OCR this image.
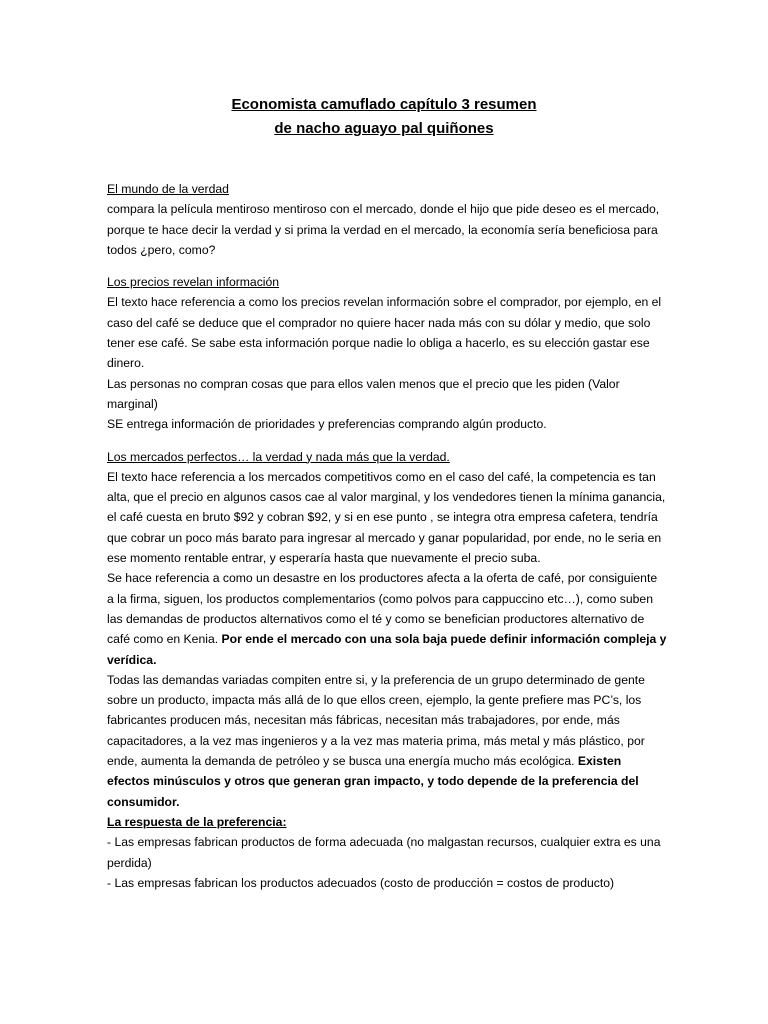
Economista camuflado capítulo 3 resumen
de nacho aguayo pal quiñones
El mundo de la verdad
compara la película mentiroso mentiroso con el mercado, donde el hijo que pide deseo es el mercado, porque te hace decir la verdad y si prima la verdad en el mercado, la economía sería beneficiosa para todos ¿pero, como?
Los precios revelan información
El texto hace referencia a como los precios revelan información sobre el comprador, por ejemplo, en el caso del café se deduce que el comprador no quiere hacer nada más con su dólar y medio, que solo tener ese café. Se sabe esta información porque nadie lo obliga a hacerlo, es su elección gastar ese dinero.
Las personas no compran cosas que para ellos valen menos que el precio que les piden (Valor marginal)
SE entrega información de prioridades y preferencias comprando algún producto.
Los mercados perfectos… la verdad y nada más que la verdad.
El texto hace referencia a los mercados competitivos como en el caso del café, la competencia es tan alta, que el precio en algunos casos cae al valor marginal, y los vendedores tienen la mínima ganancia, el café cuesta en bruto $92 y cobran $92, y si en ese punto , se integra otra empresa cafetera, tendría que cobrar un poco más barato para ingresar al mercado y ganar popularidad, por ende, no le seria en ese momento rentable entrar, y esperaría hasta que nuevamente el precio suba.
Se hace referencia a como un desastre en los productores afecta a la oferta de café, por consiguiente a la firma, siguen, los productos complementarios (como polvos para cappuccino etc…), como suben las demandas de productos alternativos como el té y como se benefician productores alternativo de café como en Kenia. Por ende el mercado con una sola baja puede definir información compleja y verídica.
Todas las demandas variadas compiten entre si, y la preferencia de un grupo determinado de gente sobre un producto, impacta más allá de lo que ellos creen, ejemplo, la gente prefiere mas PC’s, los fabricantes producen más, necesitan más fábricas, necesitan más trabajadores, por ende, más capacitadores, a la vez mas ingenieros y a la vez mas materia prima, más metal y más plástico, por ende, aumenta la demanda de petróleo y se busca una energía mucho más ecológica. Existen efectos minúsculos y otros que generan gran impacto, y todo depende de la preferencia del consumidor.
La respuesta de la preferencia:
- Las empresas fabrican productos de forma adecuada (no malgastan recursos, cualquier extra es una perdida)
- Las empresas fabrican los productos adecuados (costo de producción = costos de producto)
